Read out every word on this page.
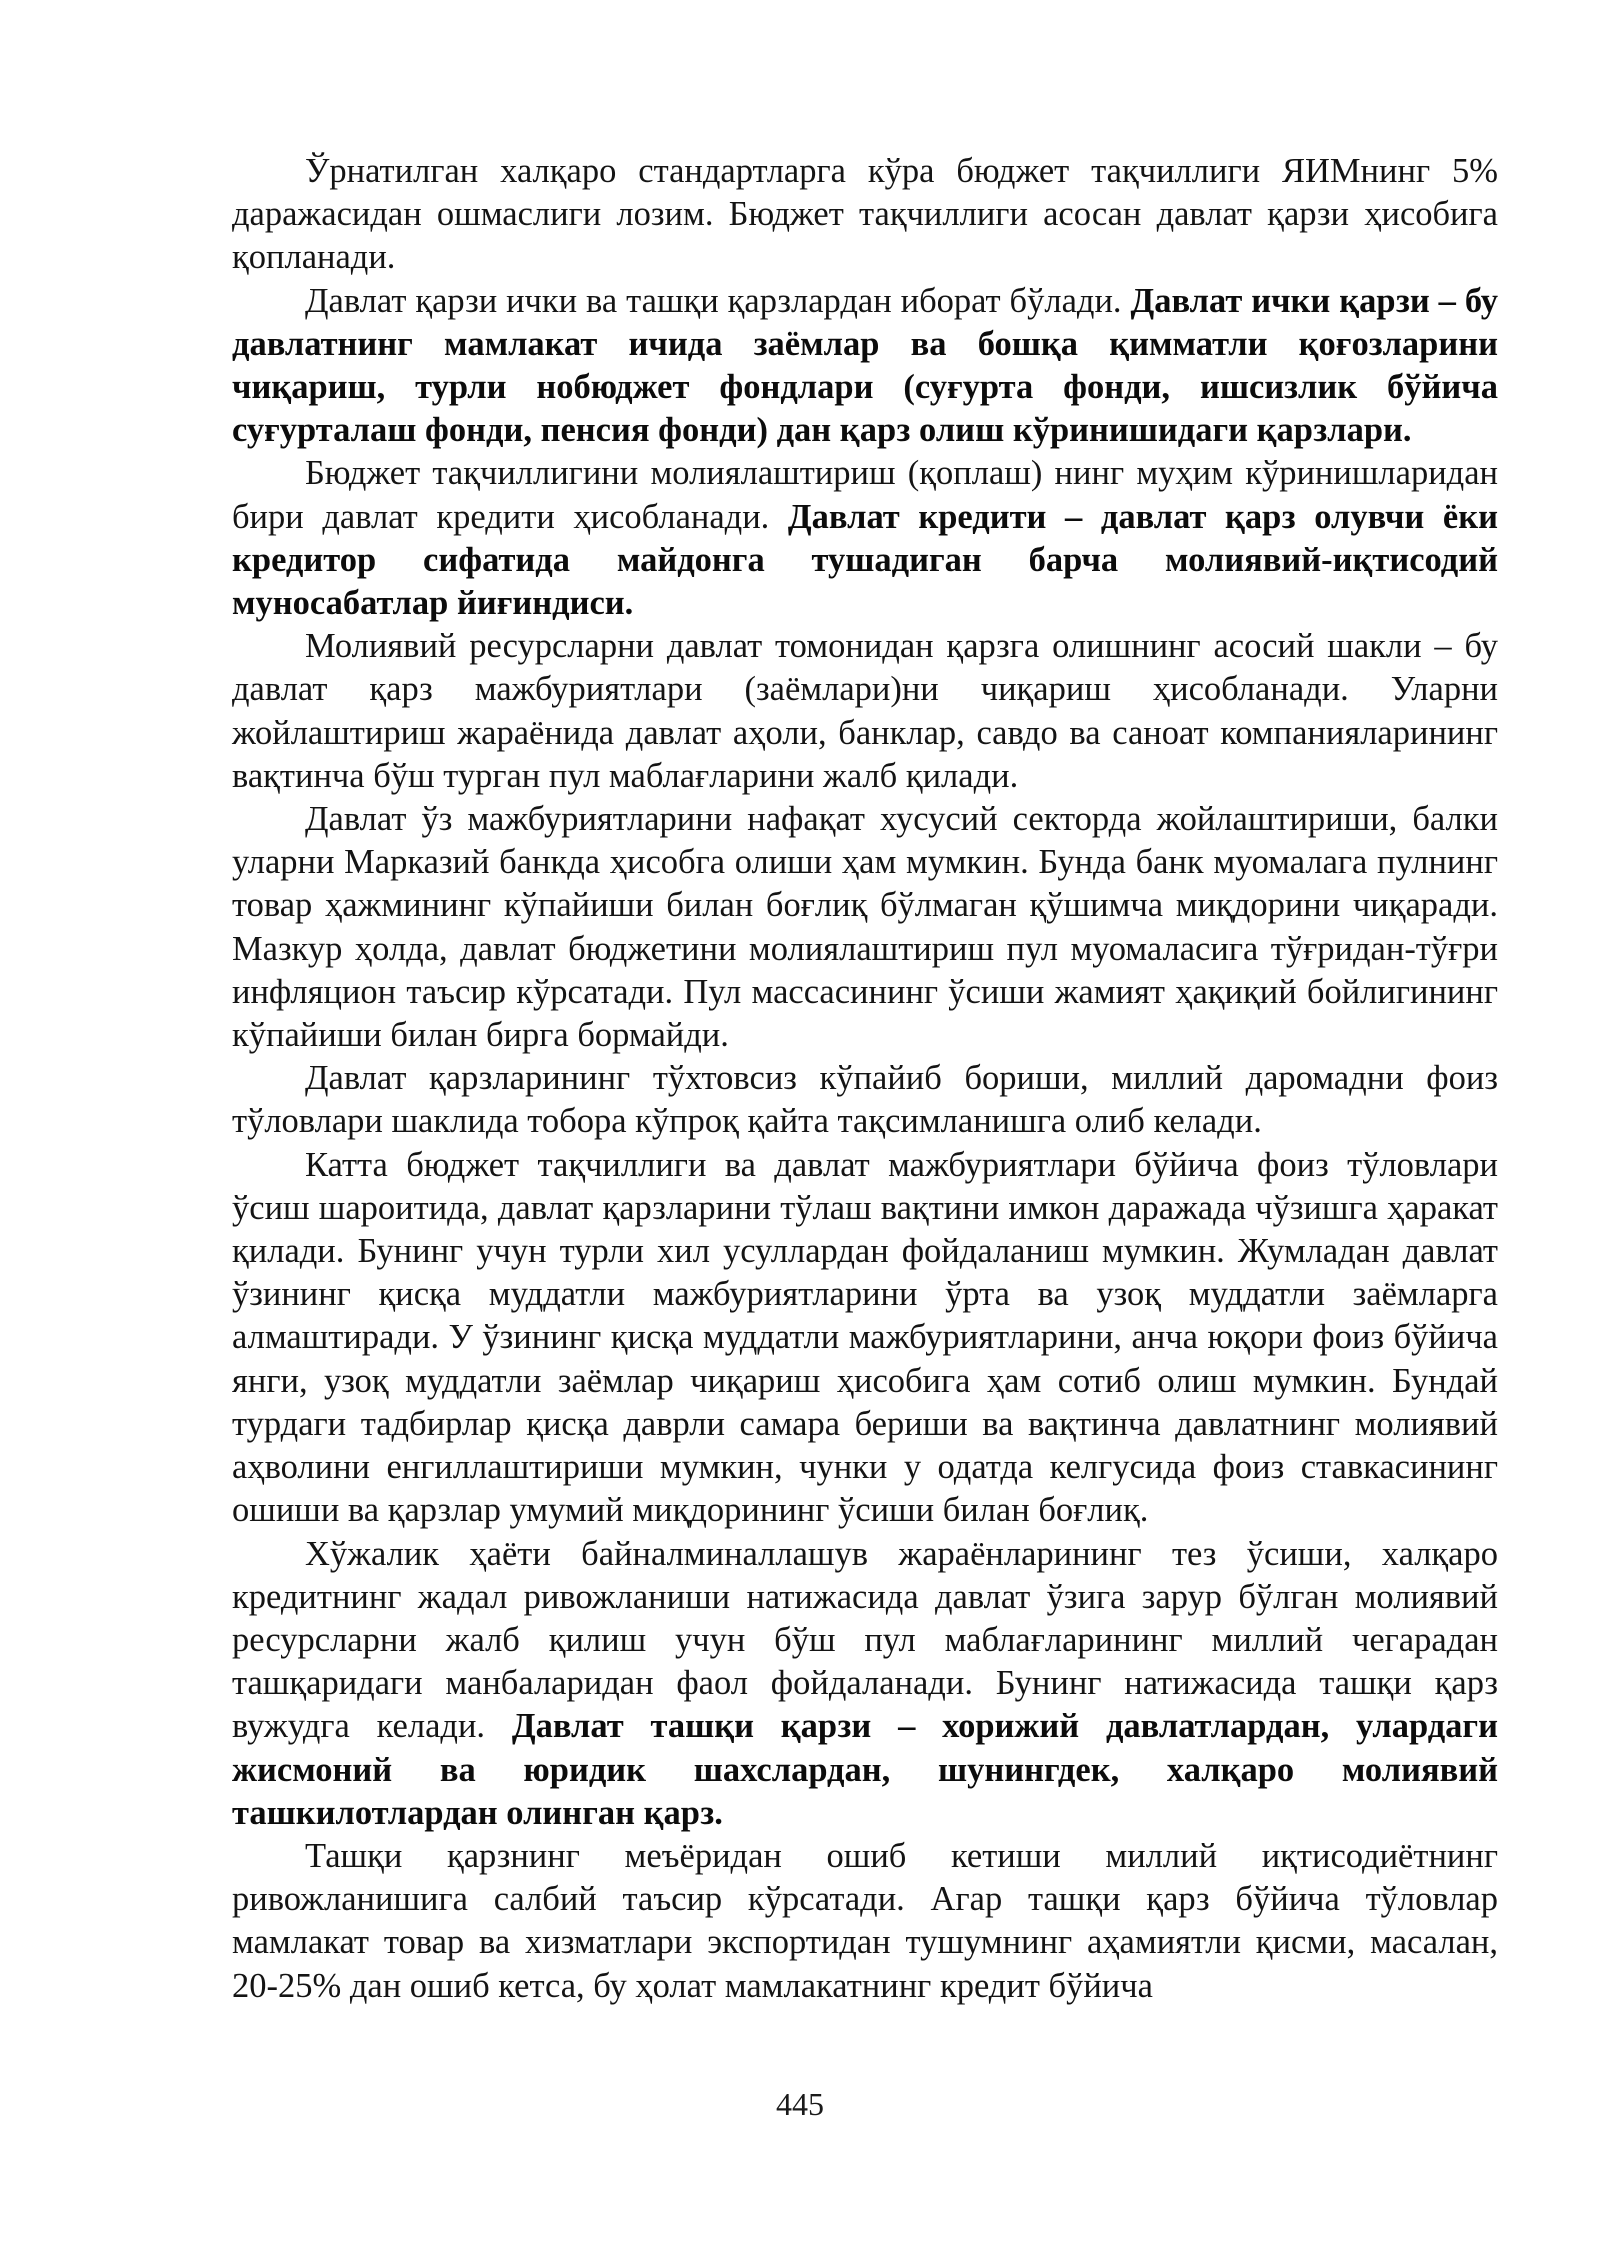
Ўрнатилган халқаро стандартларга кўра бюджет тақчиллиги ЯИМнинг 5% даражасидан ошмаслиги лозим. Бюджет тақчиллиги асосан давлат қарзи ҳисобига қопланади.

Давлат қарзи ички ва ташқи қарзлардан иборат бўлади. Давлат ички қарзи – бу давлатнинг мамлакат ичида заёмлар ва бошқа қимматли қоғозларини чиқариш, турли нобюджет фондлари (суғурта фонди, ишсизлик бўйича суғурталаш фонди, пенсия фонди) дан қарз олиш кўринишидаги қарзлари.

Бюджет тақчиллигини молиялаштириш (қоплаш) нинг муҳим кўринишларидан бири давлат кредити ҳисобланади. Давлат кредити – давлат қарз олувчи ёки кредитор сифатида майдонга тушадиган барча молиявий-иқтисодий муносабатлар йиғиндиси.

Молиявий ресурсларни давлат томонидан қарзга олишнинг асосий шакли – бу давлат қарз мажбуриятлари (заёмлари)ни чиқариш ҳисобланади. Уларни жойлаштириш жараёнида давлат аҳоли, банклар, савдо ва саноат компанияларининг вақтинча бўш турган пул маблағларини жалб қилади.

Давлат ўз мажбуриятларини нафақат хусусий секторда жойлаштириши, балки уларни Марказий банкда ҳисобга олиши ҳам мумкин. Бунда банк муомалага пулнинг товар ҳажмининг кўпайиши билан боғлиқ бўлмаган қўшимча миқдорини чиқаради. Мазкур ҳолда, давлат бюджетини молиялаштириш пул муомаласига тўғридан-тўғри инфляцион таъсир кўрсатади. Пул массасининг ўсиши жамият ҳақиқий бойлигининг кўпайиши билан бирга бормайди.

Давлат қарзларининг тўхтовсиз кўпайиб бориши, миллий даромадни фоиз тўловлари шаклида тобора кўпроқ қайта тақсимланишга олиб келади.

Катта бюджет тақчиллиги ва давлат мажбуриятлари бўйича фоиз тўловлари ўсиш шароитида, давлат қарзларини тўлаш вақтини имкон даражада чўзишга ҳаракат қилади. Бунинг учун турли хил усуллардан фойдаланиш мумкин. Жумладан давлат ўзининг қисқа муддатли мажбуриятларини ўрта ва узоқ муддатли заёмларга алмаштиради. У ўзининг қисқа муддатли мажбуриятларини, анча юқори фоиз бўйича янги, узоқ муддатли заёмлар чиқариш ҳисобига ҳам сотиб олиш мумкин. Бундай турдаги тадбирлар қисқа даврли самара бериши ва вақтинча давлатнинг молиявий аҳволини енгиллаштириши мумкин, чунки у одатда келгусида фоиз ставкасининг ошиши ва қарзлар умумий миқдорининг ўсиши билан боғлиқ.

Хўжалик ҳаёти байналминаллашув жараёнларининг тез ўсиши, халқаро кредитнинг жадал ривожланиши натижасида давлат ўзига зарур бўлган молиявий ресурсларни жалб қилиш учун бўш пул маблағларининг миллий чегарадан ташқаридаги манбаларидан фаол фойдаланади. Бунинг натижасида ташқи қарз вужудга келади. Давлат ташқи қарзи – хорижий давлатлардан, улардаги жисмоний ва юридик шахслардан, шунингдек, халқаро молиявий ташкилотлардан олинган қарз.

Ташқи қарзнинг меъёридан ошиб кетиши миллий иқтисодиётнинг ривожланишига салбий таъсир кўрсатади. Агар ташқи қарз бўйича тўловлар мамлакат товар ва хизматлари экспортидан тушумнинг аҳамиятли қисми, масалан, 20-25% дан ошиб кетса, бу ҳолат мамлакатнинг кредит бўйича

445
